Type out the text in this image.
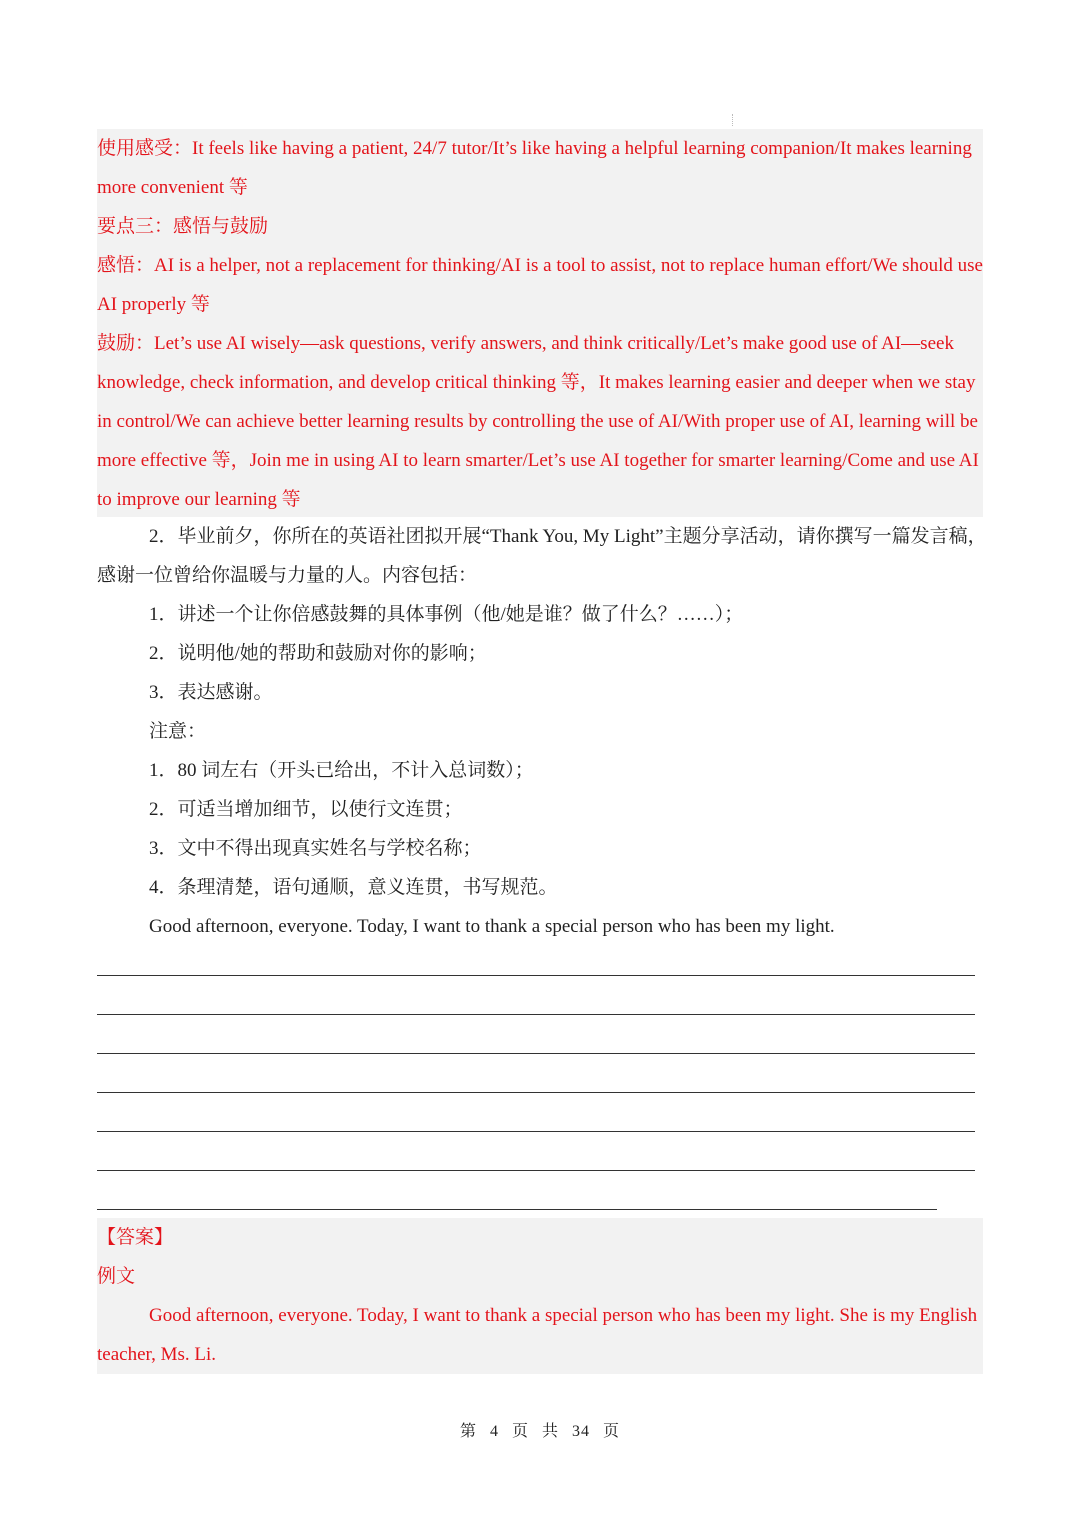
使用感受：It feels like having a patient, 24/7 tutor/It’s like having a helpful learning companion/It makes learning
more convenient 等
要点三：感悟与鼓励
感悟：AI is a helper, not a replacement for thinking/AI is a tool to assist, not to replace human effort/We should use
AI properly 等
鼓励：Let’s use AI wisely—ask questions, verify answers, and think critically/Let’s make good use of AI—seek
knowledge, check information, and develop critical thinking 等，It makes learning easier and deeper when we stay
in control/We can achieve better learning results by controlling the use of AI/With proper use of AI, learning will be
more effective 等，Join me in using AI to learn smarter/Let’s use AI together for smarter learning/Come and use AI
to improve our learning 等
2．毕业前夕，你所在的英语社团拟开展“Thank You, My Light”主题分享活动，请你撰写一篇发言稿，
感谢一位曾给你温暖与力量的人。内容包括：
1．讲述一个让你倍感鼓舞的具体事例（他/她是谁？做了什么？……）；
2．说明他/她的帮助和鼓励对你的影响；
3．表达感谢。
注意：
1．80 词左右（开头已给出，不计入总词数）；
2．可适当增加细节，以使行文连贯；
3．文中不得出现真实姓名与学校名称；
4．条理清楚，语句通顺，意义连贯，书写规范。
Good afternoon, everyone. Today, I want to thank a special person who has been my light.
【答案】
例文
Good afternoon, everyone. Today, I want to thank a special person who has been my light. She is my English
teacher, Ms. Li.
第 4 页 共 34 页
